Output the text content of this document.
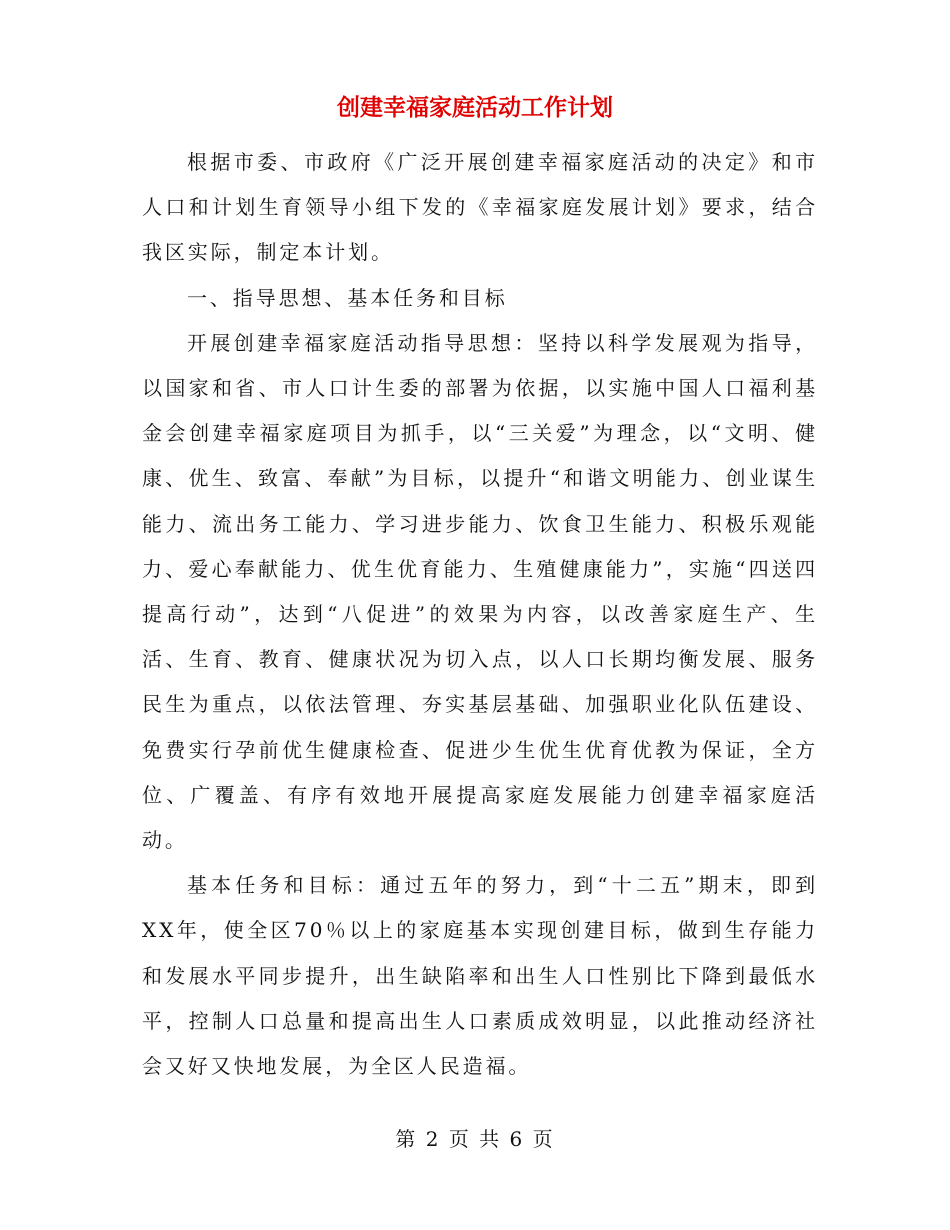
创建幸福家庭活动工作计划

根据市委、市政府《广泛开展创建幸福家庭活动的决定》和市人口和计划生育领导小组下发的《幸福家庭发展计划》要求，结合我区实际，制定本计划。

一、指导思想、基本任务和目标

开展创建幸福家庭活动指导思想：坚持以科学发展观为指导，以国家和省、市人口计生委的部署为依据，以实施中国人口福利基金会创建幸福家庭项目为抓手，以“三关爱”为理念，以“文明、健康、优生、致富、奉献”为目标，以提升“和谐文明能力、创业谋生能力、流出务工能力、学习进步能力、饮食卫生能力、积极乐观能力、爱心奉献能力、优生优育能力、生殖健康能力”，实施“四送四提高行动”，达到“八促进”的效果为内容，以改善家庭生产、生活、生育、教育、健康状况为切入点，以人口长期均衡发展、服务民生为重点，以依法管理、夯实基层基础、加强职业化队伍建设、免费实行孕前优生健康检查、促进少生优生优育优教为保证，全方位、广覆盖、有序有效地开展提高家庭发展能力创建幸福家庭活动。

基本任务和目标：通过五年的努力，到“十二五”期末，即到XX年，使全区70％以上的家庭基本实现创建目标，做到生存能力和发展水平同步提升，出生缺陷率和出生人口性别比下降到最低水平，控制人口总量和提高出生人口素质成效明显，以此推动经济社会又好又快地发展，为全区人民造福。

第 2 页 共 6 页
